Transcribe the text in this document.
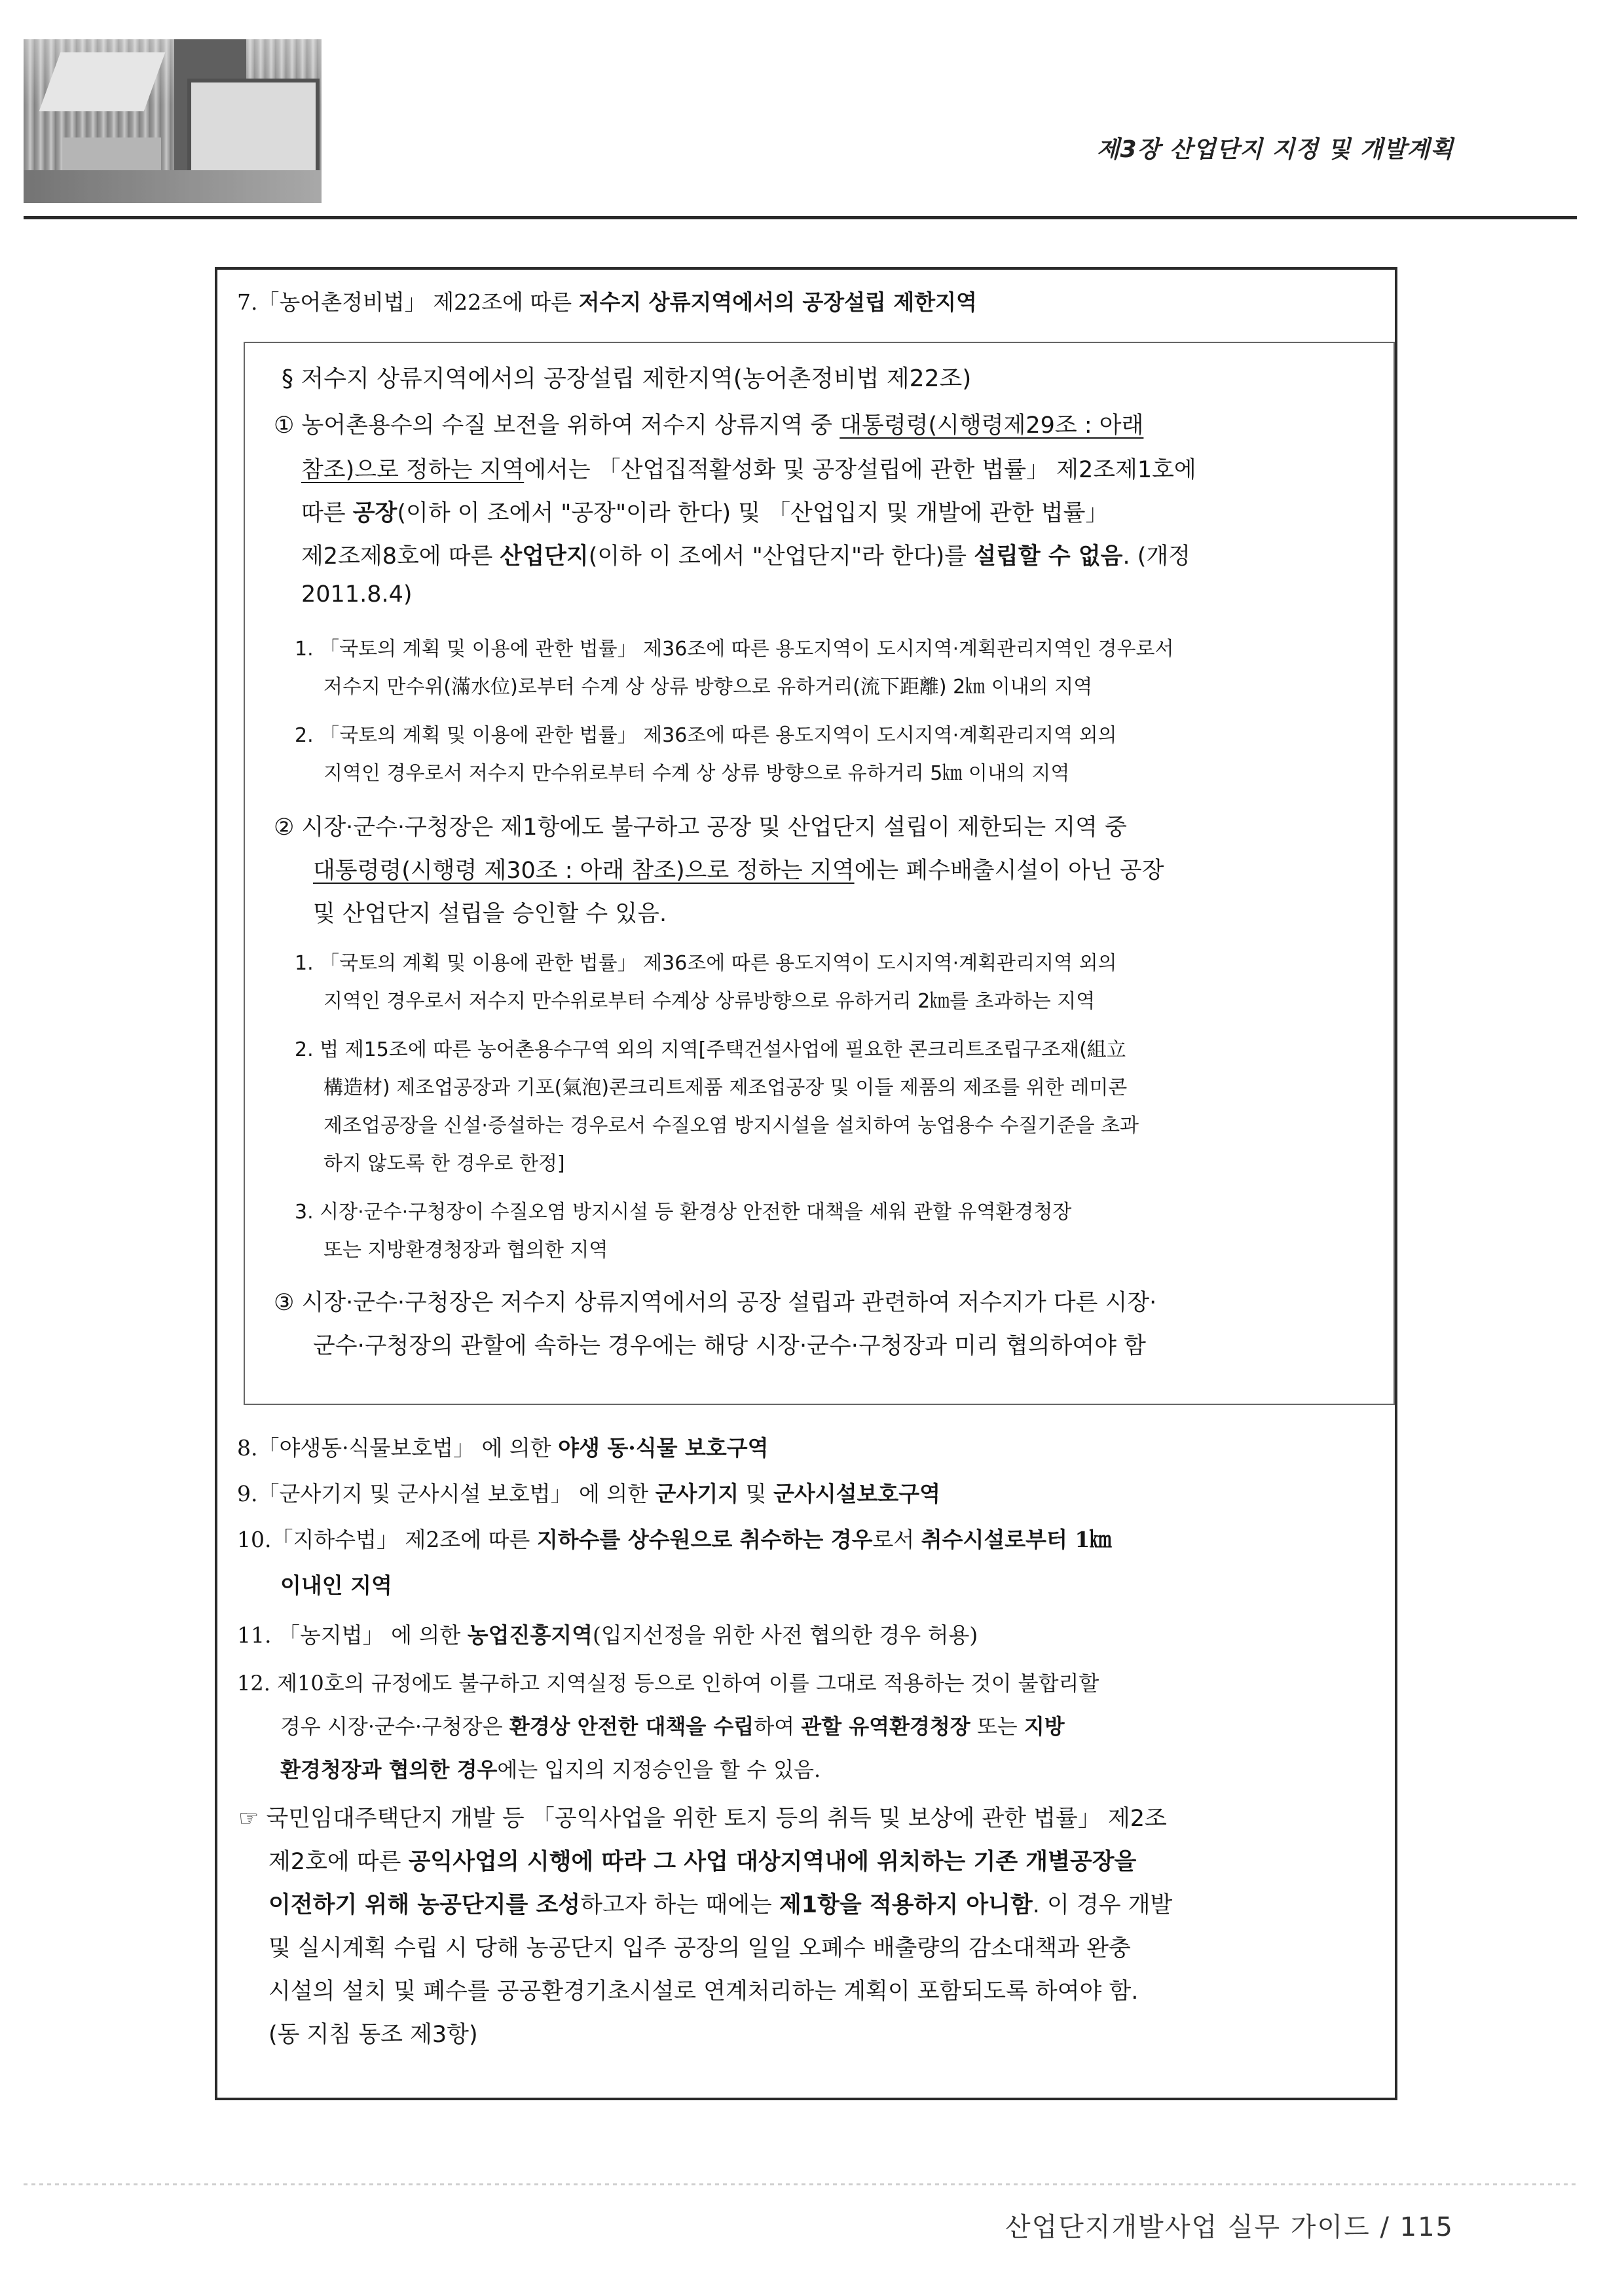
제3장 산업단지 지정 및 개발계획
7.「농어촌정비법」 제22조에 따른 저수지 상류지역에서의 공장설립 제한지역
§ 저수지 상류지역에서의 공장설립 제한지역(농어촌정비법 제22조)
① 농어촌용수의 수질 보전을 위하여 저수지 상류지역 중 대통령령(시행령제29조 : 아래
참조)으로 정하는 지역에서는 「산업집적활성화 및 공장설립에 관한 법률」 제2조제1호에
따른 공장(이하 이 조에서 "공장"이라 한다) 및 「산업입지 및 개발에 관한 법률」
제2조제8호에 따른 산업단지(이하 이 조에서 "산업단지"라 한다)를 설립할 수 없음. (개정
2011.8.4)
1. 「국토의 계획 및 이용에 관한 법률」 제36조에 따른 용도지역이 도시지역·계획관리지역인 경우로서
저수지 만수위(滿水位)로부터 수계 상 상류 방향으로 유하거리(流下距離) 2㎞ 이내의 지역
2. 「국토의 계획 및 이용에 관한 법률」 제36조에 따른 용도지역이 도시지역·계획관리지역 외의
지역인 경우로서 저수지 만수위로부터 수계 상 상류 방향으로 유하거리 5㎞ 이내의 지역
② 시장·군수·구청장은 제1항에도 불구하고 공장 및 산업단지 설립이 제한되는 지역 중
대통령령(시행령 제30조 : 아래 참조)으로 정하는 지역에는 폐수배출시설이 아닌 공장
및 산업단지 설립을 승인할 수 있음.
1. 「국토의 계획 및 이용에 관한 법률」 제36조에 따른 용도지역이 도시지역·계획관리지역 외의
지역인 경우로서 저수지 만수위로부터 수계상 상류방향으로 유하거리 2㎞를 초과하는 지역
2. 법 제15조에 따른 농어촌용수구역 외의 지역[주택건설사업에 필요한 콘크리트조립구조재(組立
構造材) 제조업공장과 기포(氣泡)콘크리트제품 제조업공장 및 이들 제품의 제조를 위한 레미콘
제조업공장을 신설·증설하는 경우로서 수질오염 방지시설을 설치하여 농업용수 수질기준을 초과
하지 않도록 한 경우로 한정]
3. 시장·군수·구청장이 수질오염 방지시설 등 환경상 안전한 대책을 세워 관할 유역환경청장
또는 지방환경청장과 협의한 지역
③ 시장·군수·구청장은 저수지 상류지역에서의 공장 설립과 관련하여 저수지가 다른 시장·
군수·구청장의 관할에 속하는 경우에는 해당 시장·군수·구청장과 미리 협의하여야 함
8.「야생동·식물보호법」 에 의한 야생 동·식물 보호구역
9.「군사기지 및 군사시설 보호법」 에 의한 군사기지 및 군사시설보호구역
10.「지하수법」 제2조에 따른 지하수를 상수원으로 취수하는 경우로서 취수시설로부터 1㎞
이내인 지역
11. 「농지법」 에 의한 농업진흥지역(입지선정을 위한 사전 협의한 경우 허용)
12. 제10호의 규정에도 불구하고 지역실정 등으로 인하여 이를 그대로 적용하는 것이 불합리할
경우 시장·군수·구청장은 환경상 안전한 대책을 수립하여 관할 유역환경청장 또는 지방
환경청장과 협의한 경우에는 입지의 지정승인을 할 수 있음.
☞ 국민임대주택단지 개발 등 「공익사업을 위한 토지 등의 취득 및 보상에 관한 법률」 제2조
제2호에 따른 공익사업의 시행에 따라 그 사업 대상지역내에 위치하는 기존 개별공장을
이전하기 위해 농공단지를 조성하고자 하는 때에는 제1항을 적용하지 아니함. 이 경우 개발
및 실시계획 수립 시 당해 농공단지 입주 공장의 일일 오폐수 배출량의 감소대책과 완충
시설의 설치 및 폐수를 공공환경기초시설로 연계처리하는 계획이 포함되도록 하여야 함.
(동 지침 동조 제3항)
산업단지개발사업 실무 가이드 / 115
